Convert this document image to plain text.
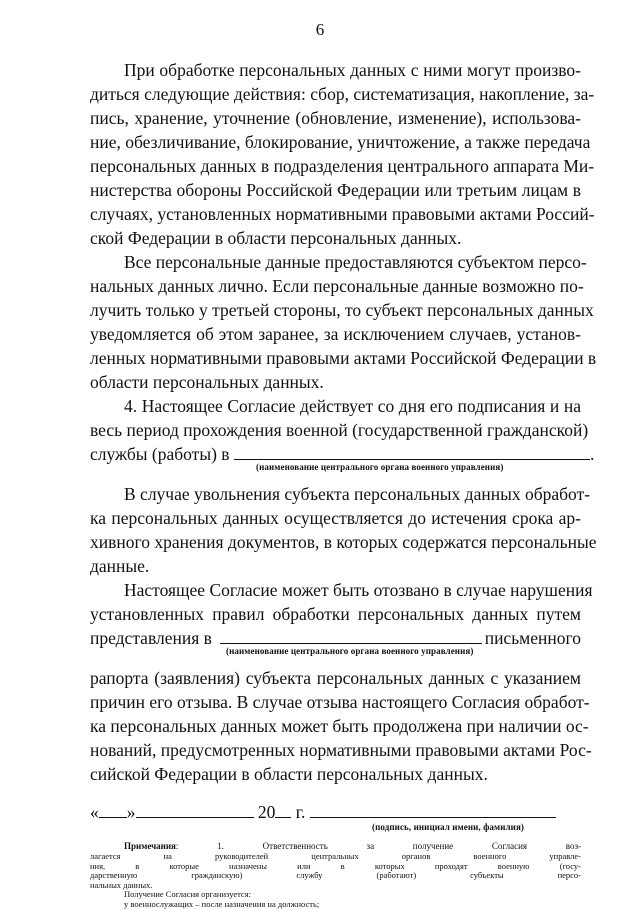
6
При обработке персональных данных с ними могут произво-
диться следующие действия: сбор, систематизация, накопление, за-
пись, хранение, уточнение (обновление, изменение), использова-
ние, обезличивание, блокирование, уничтожение, а также передача
персональных данных в подразделения центрального аппарата Ми-
нистерства обороны Российской Федерации или третьим лицам в
случаях, установленных нормативными правовыми актами Россий-
ской Федерации в области персональных данных.
Все персональные данные предоставляются субъектом персо-
нальных данных лично. Если персональные данные возможно по-
лучить только у третьей стороны, то субъект персональных данных
уведомляется об этом заранее, за исключением случаев, установ-
ленных нормативными правовыми актами Российской Федерации в
области персональных данных.
4. Настоящее Согласие действует со дня его подписания и на
весь период прохождения военной (государственной гражданской)
службы (работы) в	.
(наименование центрального органа военного управления)
В случае увольнения субъекта персональных данных обработ-
ка персональных данных осуществляется до истечения срока ар-
хивного хранения документов, в которых содержатся персональные
данные.
Настоящее Согласие может быть отозвано в случае нарушения
установленных правил обработки персональных данных путем
представления в	письменного
(наименование центрального органа военного управления)
рапорта (заявления) субъекта персональных данных с указанием
причин его отзыва. В случае отзыва настоящего Согласия обработ-
ка персональных данных может быть продолжена при наличии ос-
нований, предусмотренных нормативными правовыми актами Рос-
сийской Федерации в области персональных данных.
« »	20 г.
(подпись, инициал имени, фамилия)
Примечания: 1. Ответственность за получение Согласия воз-
лагается на руководителей центральных органов военного управле-
ния, в которые назначены или в которых проходят военную (госу-
дарственную гражданскую) службу (работают) субъекты персо-
нальных данных.
Получение Согласия организуется:
у военнослужащих – после назначения на должность;
